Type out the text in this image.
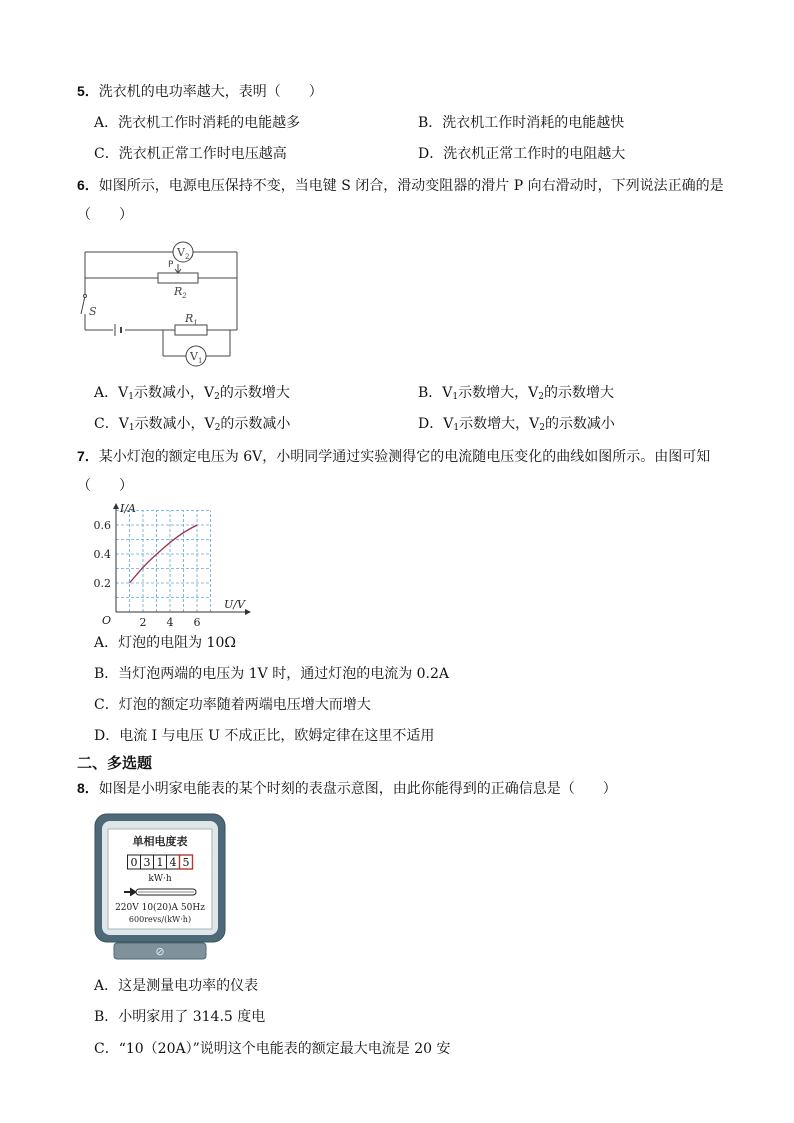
5．洗衣机的电功率越大，表明（　　）
A．洗衣机工作时消耗的电能越多	B．洗衣机工作时消耗的电能越快
C．洗衣机正常工作时电压越高	D．洗衣机正常工作时的电阻越大
6．如图所示，电源电压保持不变，当电键 S 闭合，滑动变阻器的滑片 P 向右滑动时，下列说法正确的是
（　　）
$V_2$
P
$R_2$
S
$R_1$
$V_1$
A．$V_1$示数减小，$V_2$的示数增大	B．$V_1$示数增大，$V_2$的示数增大
C．$V_1$示数减小，$V_2$的示数减小	D．$V_1$示数增大，$V_2$的示数减小
7．某小灯泡的额定电压为 6V，小明同学通过实验测得它的电流随电压变化的曲线如图所示。由图可知
（　　）
2 4 6
0.2
0.4
0.6
I/A
U/V
O
A．灯泡的电阻为 10Ω
B．当灯泡两端的电压为 1V 时，通过灯泡的电流为 0.2A
C．灯泡的额定功率随着两端电压增大而增大
D．电流 I 与电压 U 不成正比，欧姆定律在这里不适用
二、多选题
8．如图是小明家电能表的某个时刻的表盘示意图，由此你能得到的正确信息是（　　）
单相电度表
0 3 1 4 5
kW·h
220V 10(20)A 50Hz
600revs/(kW·h)
⊘
A．这是测量电功率的仪表
B．小明家用了 314.5 度电
C．“10（20A）”说明这个电能表的额定最大电流是 20 安
